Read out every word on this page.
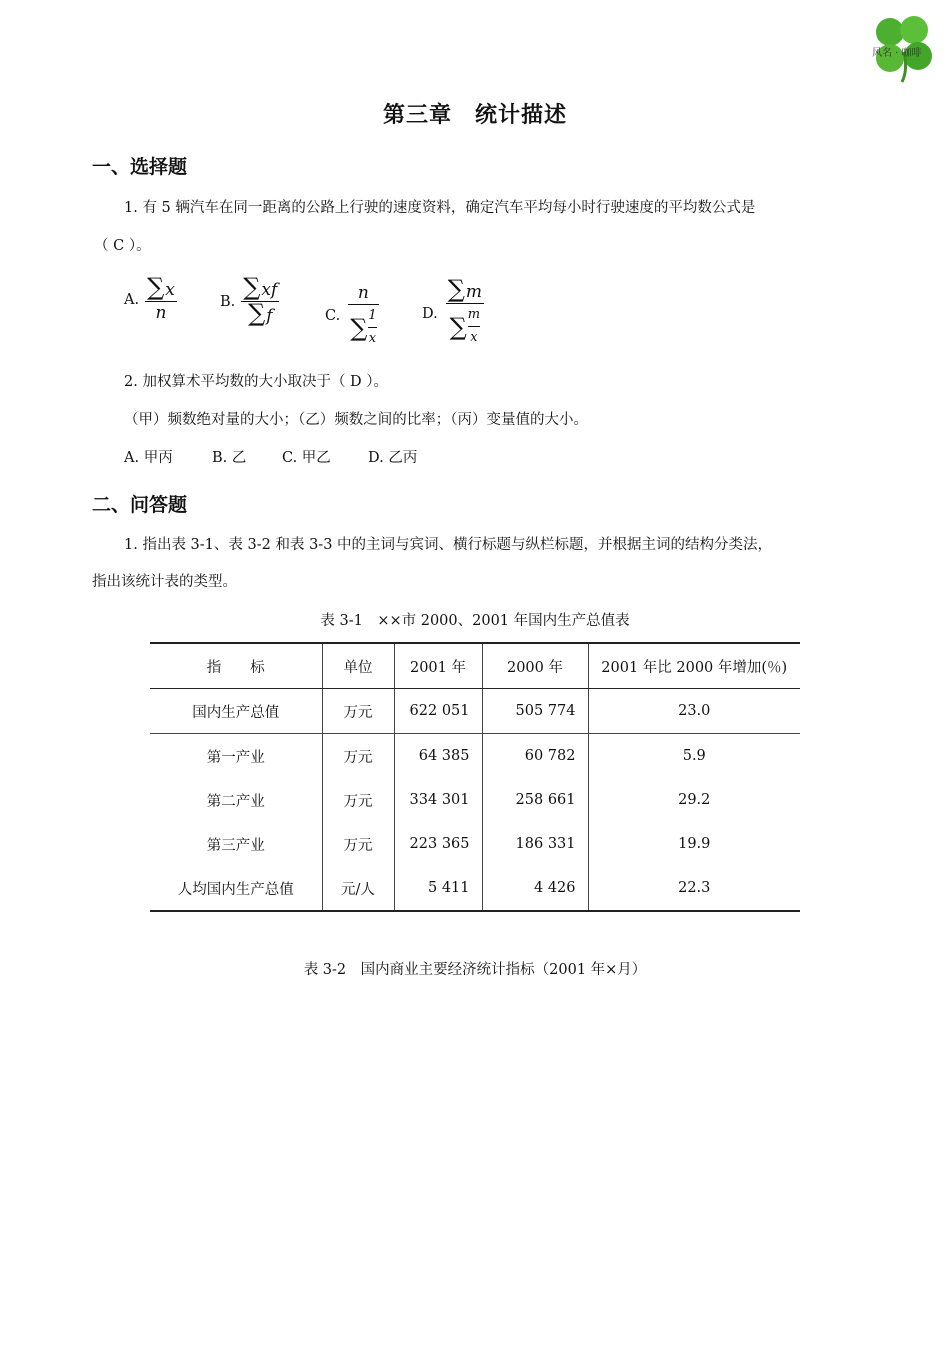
风名 · 咖啡
第三章　统计描述
一、选择题
1. 有 5 辆汽车在同一距离的公路上行驶的速度资料，确定汽车平均每小时行驶速度的平均数公式是
（ C ）。
A. $\frac{\sum x}{n}$	B. $\frac{\sum xf}{\sum f}$	C. $\frac{n}{\sum \frac{1}{x}}$	D. $\frac{\sum m}{\sum \frac{m}{x}}$
2. 加权算术平均数的大小取决于（ D ）。
（甲）频数绝对量的大小；（乙）频数之间的比率；（丙）变量值的大小。
A. 甲丙	B. 乙 C. 甲乙	D. 乙丙
二、问答题
1. 指出表 3-1、表 3-2 和表 3-3 中的主词与宾词、横行标题与纵栏标题，并根据主词的结构分类法，
指出该统计表的类型。
表 3-1　××市 2000、2001 年国内生产总值表
指　　标	单位	2001 年	2000 年	2001 年比 2000 年增加(％)
国内生产总值	万元	622 051	505 774	23.0
第一产业	万元	64 385	60 782	5.9
第二产业	万元	334 301	258 661	29.2
第三产业	万元	223 365	186 331	19.9
人均国内生产总值	元/人	5 411	4 426	22.3
表 3-2　国内商业主要经济统计指标（2001 年×月）
